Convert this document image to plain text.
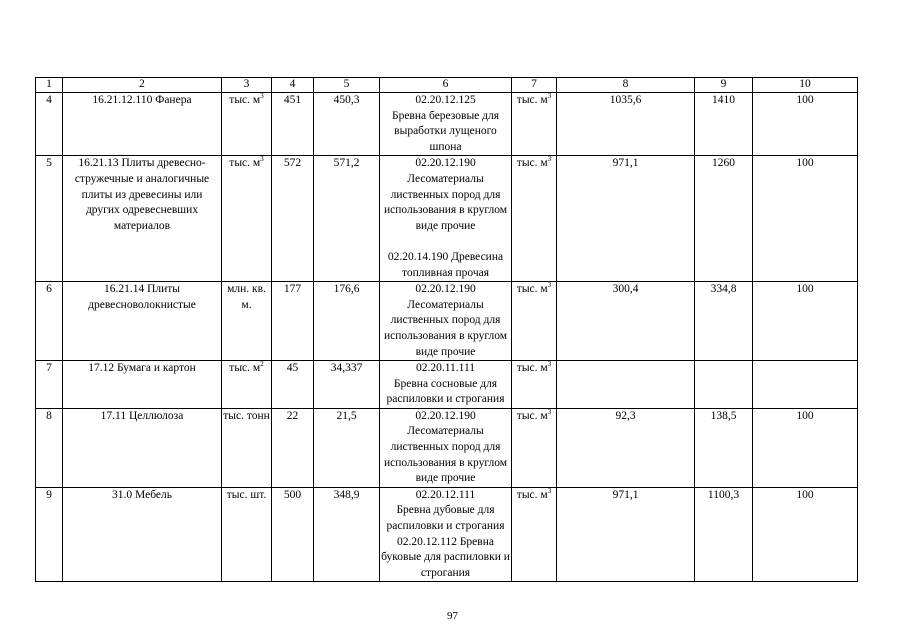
1	2	3	4	5	6	7	8	9	10
4	16.21.12.110 Фанера	тыс. $м^3$	451	450,3	02.20.12.125
Бревна березовые для выработки лущеного шпона	тыс. $м^3$	1035,6	1410	100
5	16.21.13 Плиты древесно-стружечные и аналогичные плиты из древесины или других одревесневших материалов	тыс. $м^3$	572	571,2	02.20.12.190
Лесоматериалы лиственных пород для использования в круглом виде прочие
02.20.14.190 Древесина топливная прочая	тыс. $м^3$	971,1	1260	100
6	16.21.14 Плиты древесноволокнистые	млн. кв. м.	177	176,6	02.20.12.190
Лесоматериалы лиственных пород для использования в круглом виде прочие	тыс. $м^3$	300,4	334,8	100
7	17.12 Бумага и картон	тыс. $м^2$	45	34,337	02.20.11.111
Бревна сосновые для распиловки и строгания	тыс. $м^3$			
8	17.11 Целлюлоза	тыс. тонн	22	21,5	02.20.12.190
Лесоматериалы лиственных пород для использования в круглом виде прочие	тыс. $м^3$	92,3	138,5	100
9	31.0 Мебель	тыс. шт.	500	348,9	02.20.12.111
Бревна дубовые для распиловки и строгания
02.20.12.112 Бревна буковые для распиловки и строгания	тыс. $м^3$	971,1	1100,3	100
97
